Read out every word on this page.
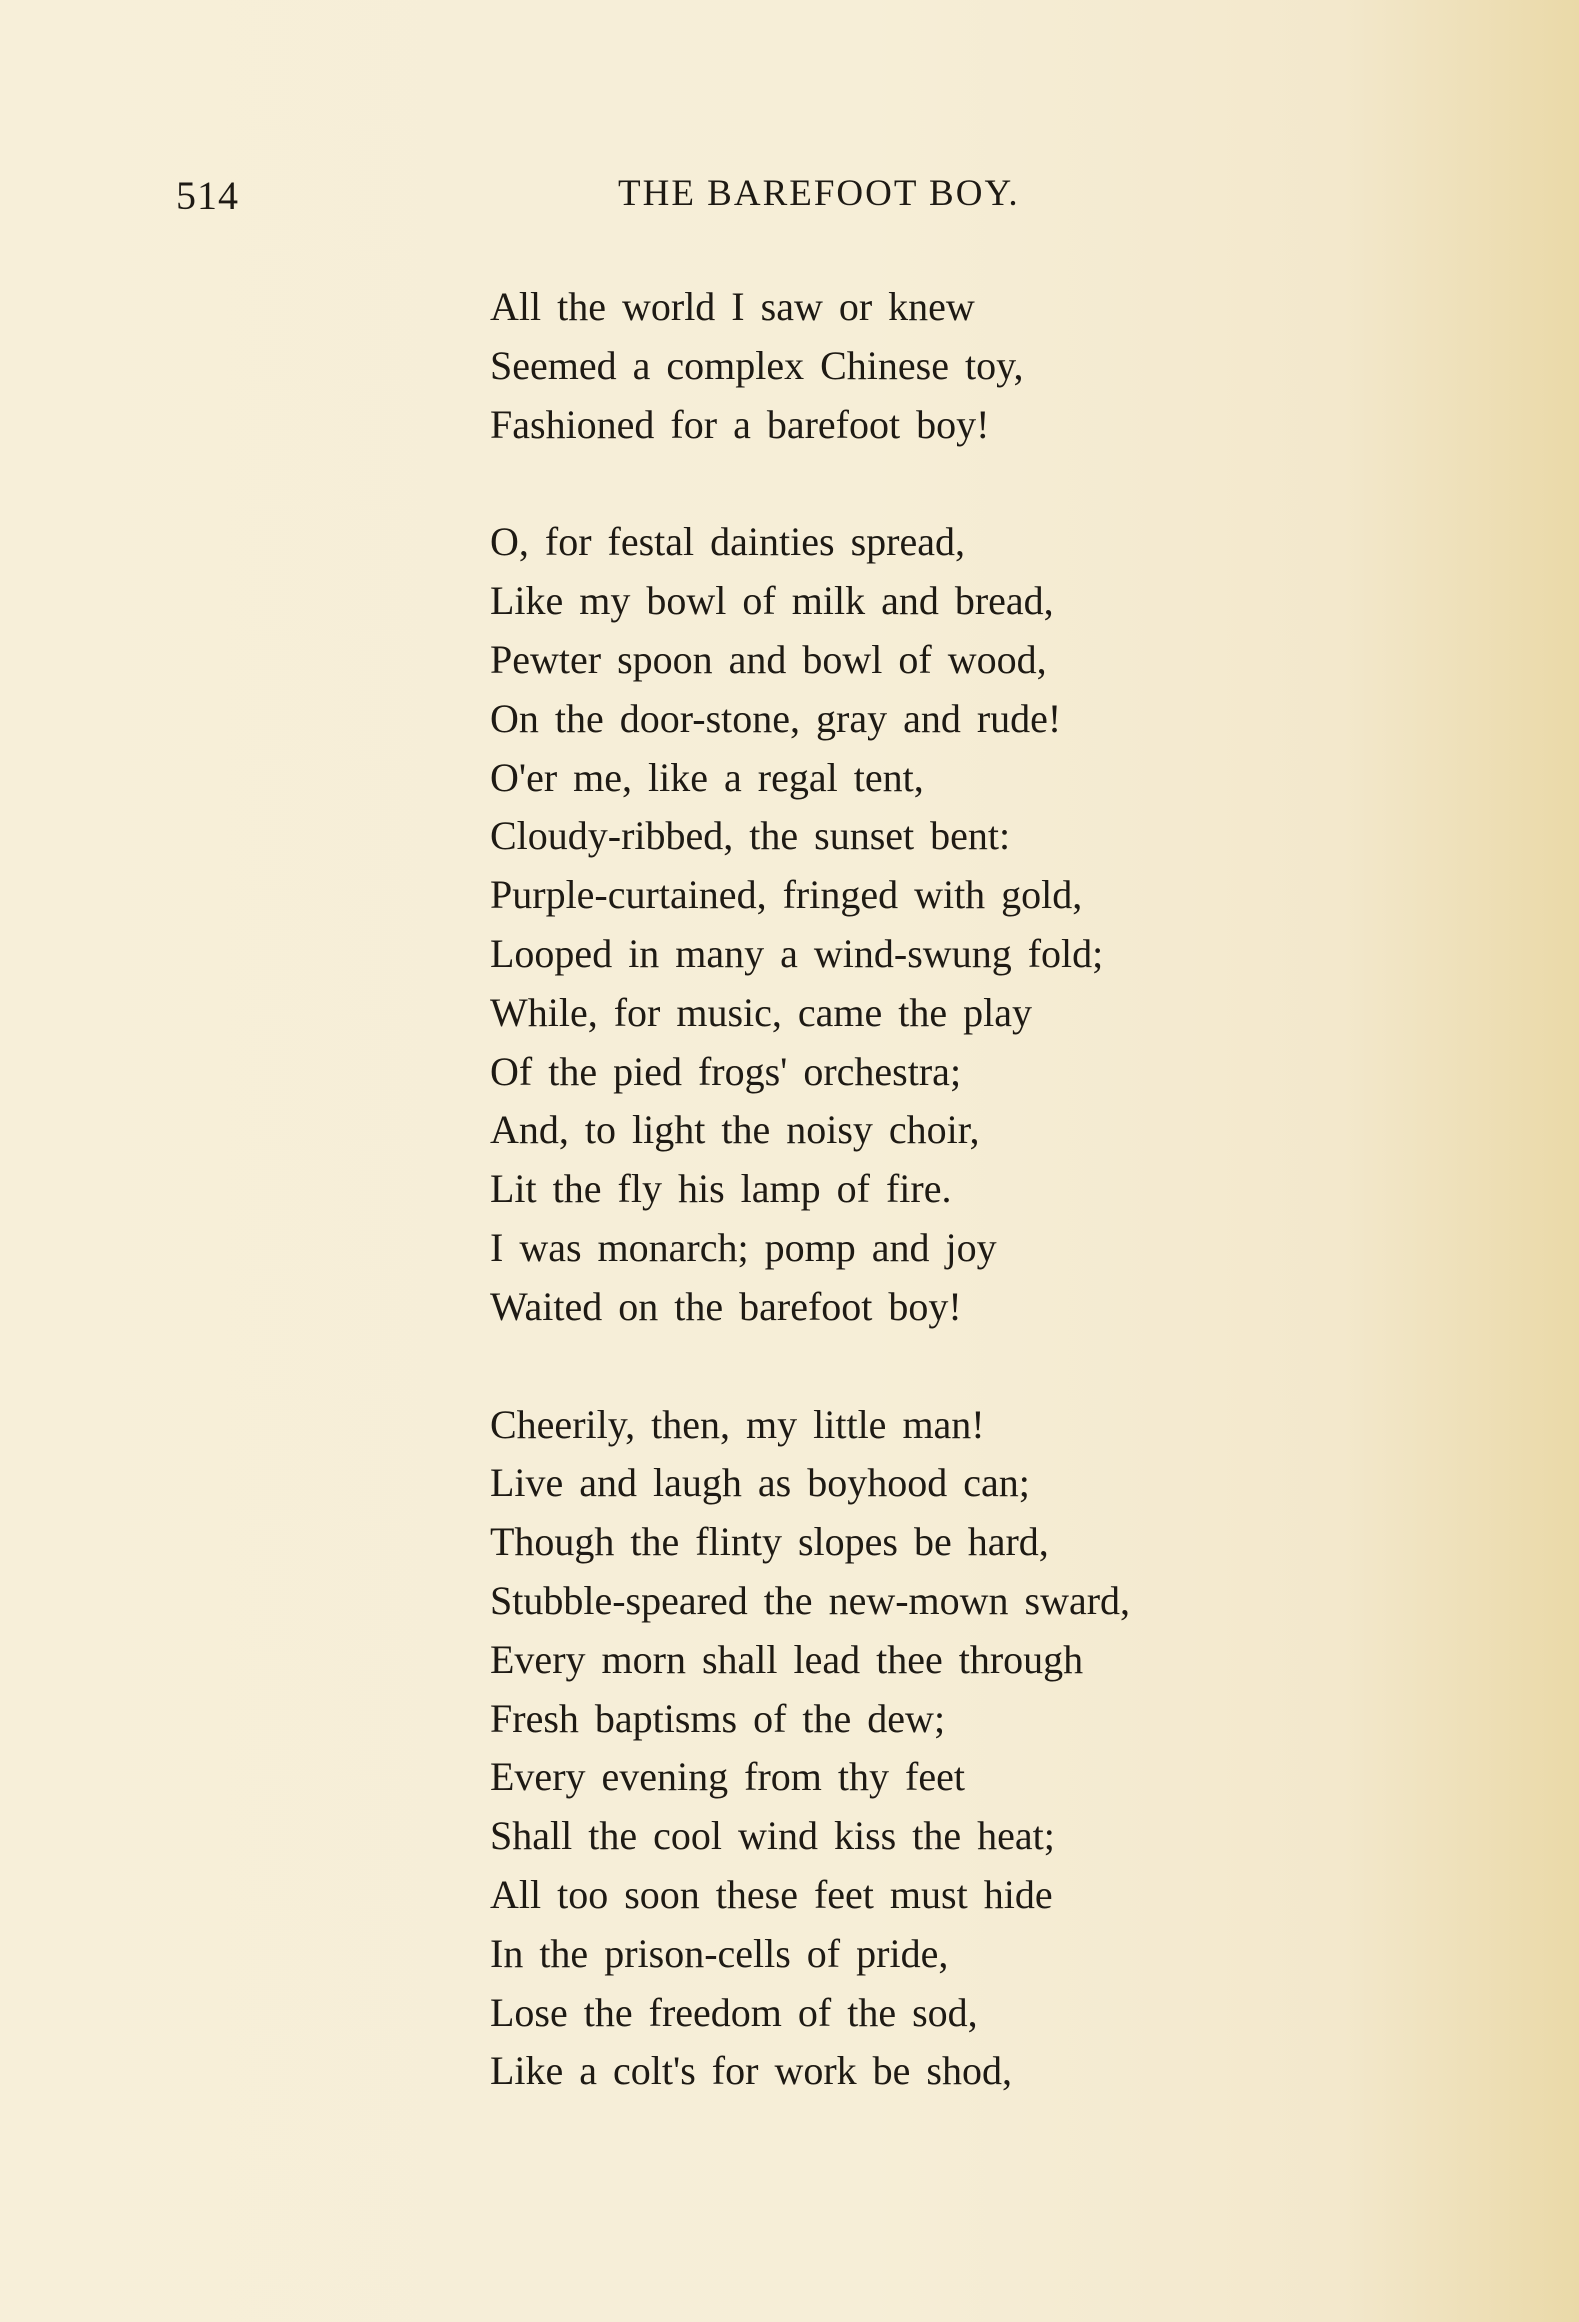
514	THE BAREFOOT BOY.
All the world I saw or knew
Seemed a complex Chinese toy,
Fashioned for a barefoot boy!
O, for festal dainties spread,
Like my bowl of milk and bread,
Pewter spoon and bowl of wood,
On the door-stone, gray and rude!
O'er me, like a regal tent,
Cloudy-ribbed, the sunset bent:
Purple-curtained, fringed with gold,
Looped in many a wind-swung fold;
While, for music, came the play
Of the pied frogs' orchestra;
And, to light the noisy choir,
Lit the fly his lamp of fire.
I was monarch; pomp and joy
Waited on the barefoot boy!
Cheerily, then, my little man!
Live and laugh as boyhood can;
Though the flinty slopes be hard,
Stubble-speared the new-mown sward,
Every morn shall lead thee through
Fresh baptisms of the dew;
Every evening from thy feet
Shall the cool wind kiss the heat;
All too soon these feet must hide
In the prison-cells of pride,
Lose the freedom of the sod,
Like a colt's for work be shod,
